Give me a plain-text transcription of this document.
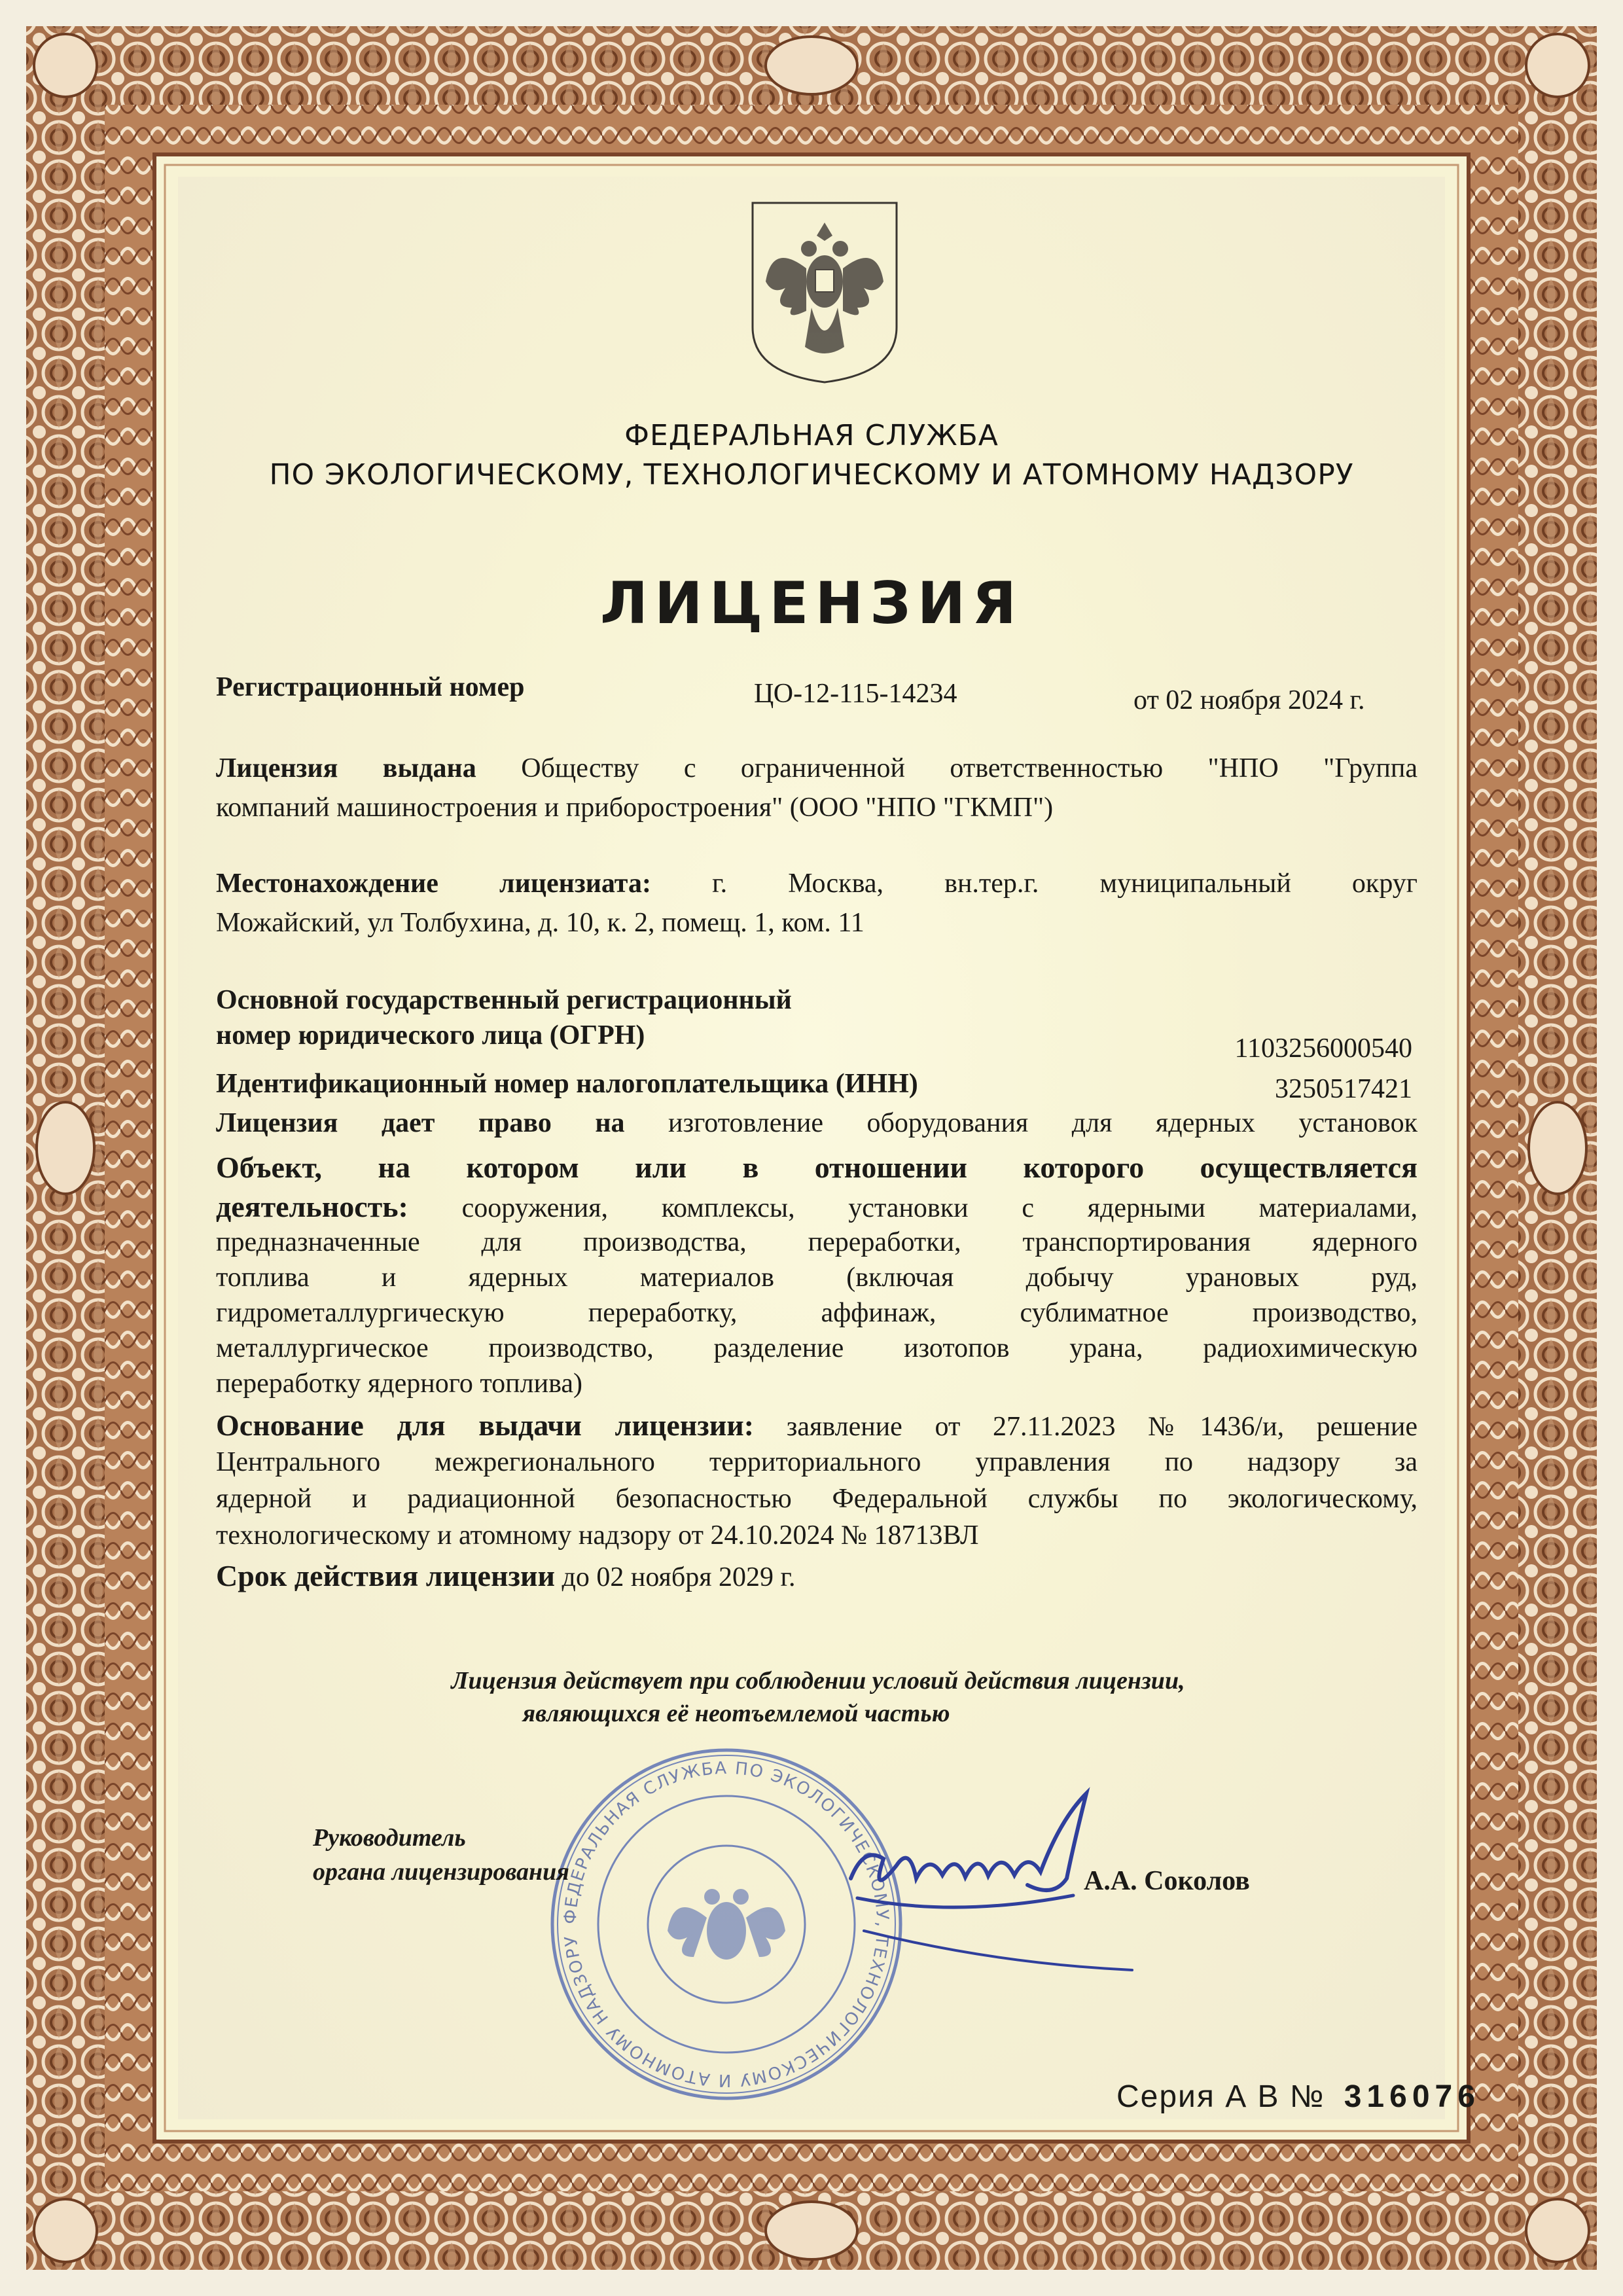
ФЕДЕРАЛЬНАЯ СЛУЖБА
ПО ЭКОЛОГИЧЕСКОМУ, ТЕХНОЛОГИЧЕСКОМУ И АТОМНОМУ НАДЗОРУ
ЛИЦЕНЗИЯ
Регистрационный номер	ЦО-12-115-14234	от 02 ноября 2024 г.
Лицензия выдана Обществу с ограниченной ответственностью "НПО "Группа
компаний машиностроения и приборостроения" (ООО "НПО "ГКМП")
Местонахождение лицензиата: г. Москва, вн.тер.г. муниципальный округ
Можайский, ул Толбухина, д. 10, к. 2, помещ. 1, ком. 11
Основной государственный регистрационный
номер юридического лица (ОГРН)	1103256000540
Идентификационный номер налогоплательщика (ИНН)	3250517421
Лицензия дает право на изготовление оборудования для ядерных установок
Объект, на котором или в отношении которого осуществляется
деятельность: сооружения, комплексы, установки с ядерными материалами,
предназначенные для производства, переработки, транспортирования ядерного
топлива и ядерных материалов (включая добычу урановых руд,
гидрометаллургическую переработку, аффинаж, сублиматное производство,
металлургическое производство, разделение изотопов урана, радиохимическую
переработку ядерного топлива)
Основание для выдачи лицензии: заявление от 27.11.2023 №1436/и, решение
Центрального межрегионального территориального управления по надзору за
ядерной и радиационной безопасностью Федеральной службы по экологическому,
технологическому и атомному надзору от 24.10.2024 № 18713ВЛ
Срок действия лицензии до 02 ноября 2029 г.
Лицензия действует при соблюдении условий действия лицензии,
являющихся её неотъемлемой частью
ФЕДЕРАЛЬНАЯ СЛУЖБА ПО ЭКОЛОГИЧЕСКОМУ, ТЕХНОЛОГИЧЕСКОМУ И АТОМНОМУ НАДЗОРУ
Руководитель
органа лицензирования	А.А. Соколов
Серия А В № 316076
